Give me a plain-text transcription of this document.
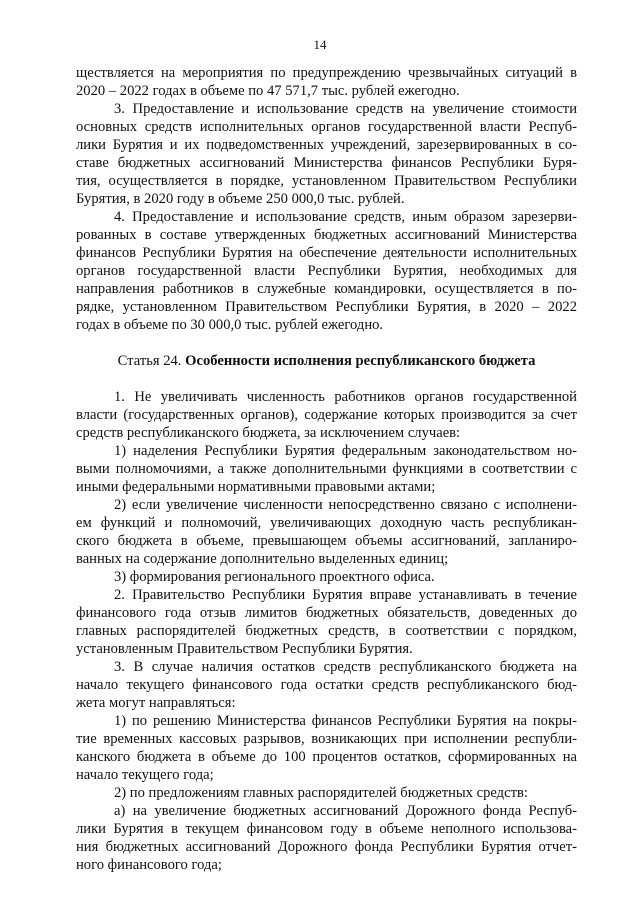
14
ществляется на мероприятия по предупреждению чрезвычайных ситуаций в
2020 – 2022 годах в объеме по 47 571,7 тыс. рублей ежегодно.
3. Предоставление и использование средств на увеличение стоимости
основных средств исполнительных органов государственной власти Респуб-
лики Бурятия и их подведомственных учреждений, зарезервированных в со-
ставе бюджетных ассигнований Министерства финансов Республики Буря-
тия, осуществляется в порядке, установленном Правительством Республики
Бурятия, в 2020 году в объеме 250 000,0 тыс. рублей.
4. Предоставление и использование средств, иным образом зарезерви-
рованных в составе утвержденных бюджетных ассигнований Министерства
финансов Республики Бурятия на обеспечение деятельности исполнительных
органов государственной власти Республики Бурятия, необходимых для
направления работников в служебные командировки, осуществляется в по-
рядке, установленном Правительством Республики Бурятия, в 2020 – 2022
годах в объеме по 30 000,0 тыс. рублей ежегодно.
Статья 24. Особенности исполнения республиканского бюджета
1. Не увеличивать численность работников органов государственной
власти (государственных органов), содержание которых производится за счет
средств республиканского бюджета, за исключением случаев:
1) наделения Республики Бурятия федеральным законодательством но-
выми полномочиями, а также дополнительными функциями в соответствии с
иными федеральными нормативными правовыми актами;
2) если увеличение численности непосредственно связано с исполнени-
ем функций и полномочий, увеличивающих доходную часть республикан-
ского бюджета в объеме, превышающем объемы ассигнований, запланиро-
ванных на содержание дополнительно выделенных единиц;
3) формирования регионального проектного офиса.
2. Правительство Республики Бурятия вправе устанавливать в течение
финансового года отзыв лимитов бюджетных обязательств, доведенных до
главных распорядителей бюджетных средств, в соответствии с порядком,
установленным Правительством Республики Бурятия.
3. В случае наличия остатков средств республиканского бюджета на
начало текущего финансового года остатки средств республиканского бюд-
жета могут направляться:
1) по решению Министерства финансов Республики Бурятия на покры-
тие временных кассовых разрывов, возникающих при исполнении республи-
канского бюджета в объеме до 100 процентов остатков, сформированных на
начало текущего года;
2) по предложениям главных распорядителей бюджетных средств:
а) на увеличение бюджетных ассигнований Дорожного фонда Респуб-
лики Бурятия в текущем финансовом году в объеме неполного использова-
ния бюджетных ассигнований Дорожного фонда Республики Бурятия отчет-
ного финансового года;
